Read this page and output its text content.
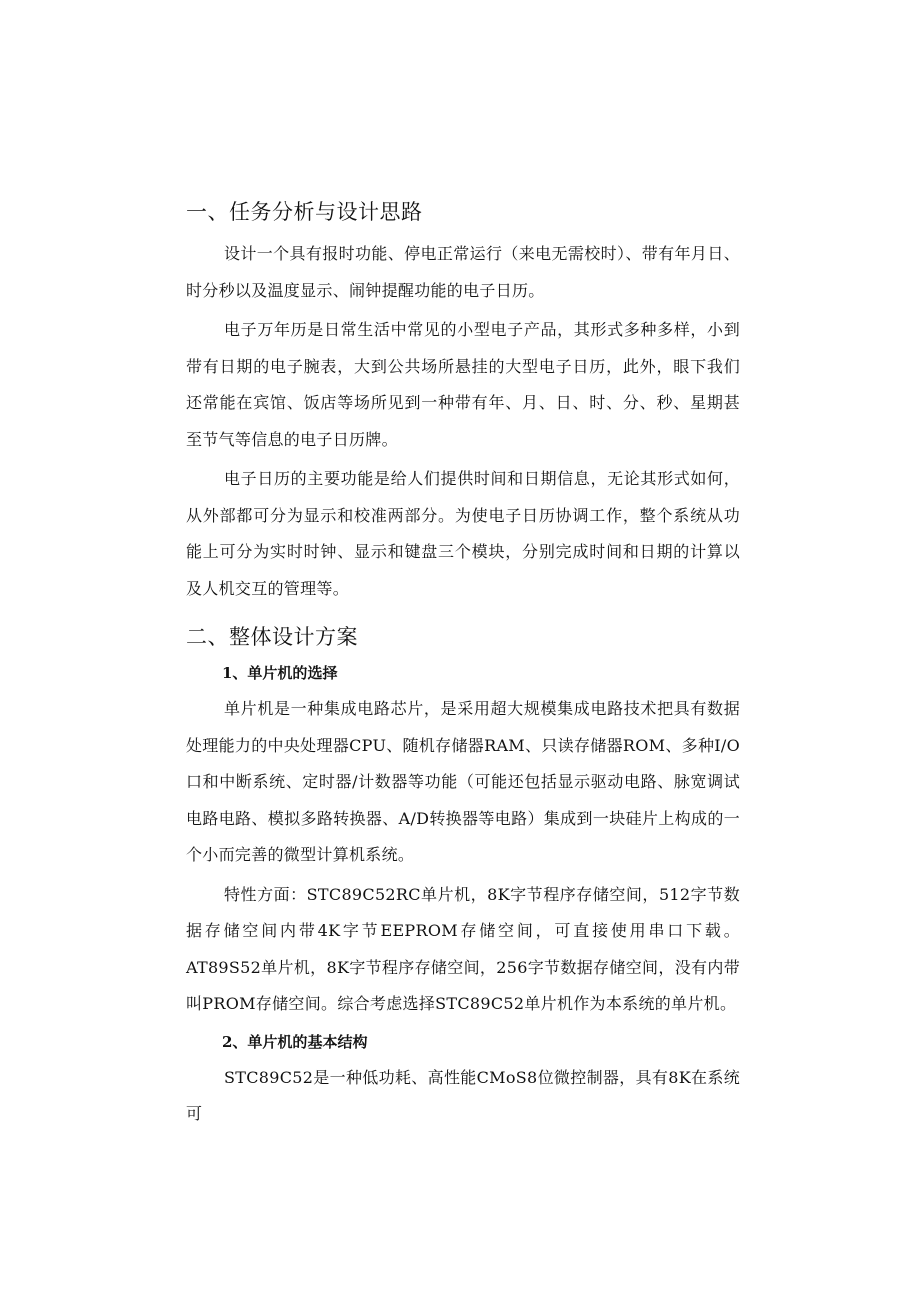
一、任务分析与设计思路

设计一个具有报时功能、停电正常运行（来电无需校时）、带有年月日、时分秒以及温度显示、闹钟提醒功能的电子日历。

电子万年历是日常生活中常见的小型电子产品，其形式多种多样，小到带有日期的电子腕表，大到公共场所悬挂的大型电子日历，此外，眼下我们还常能在宾馆、饭店等场所见到一种带有年、月、日、时、分、秒、星期甚至节气等信息的电子日历牌。

电子日历的主要功能是给人们提供时间和日期信息，无论其形式如何，从外部都可分为显示和校准两部分。为使电子日历协调工作，整个系统从功能上可分为实时时钟、显示和键盘三个模块，分别完成时间和日期的计算以及人机交互的管理等。

二、整体设计方案
1、单片机的选择

单片机是一种集成电路芯片，是采用超大规模集成电路技术把具有数据处理能力的中央处理器CPU、随机存储器RAM、只读存储器ROM、多种I/O口和中断系统、定时器/计数器等功能（可能还包括显示驱动电路、脉宽调试电路电路、模拟多路转换器、A/D转换器等电路）集成到一块硅片上构成的一个小而完善的微型计算机系统。

特性方面：STC89C52RC单片机，8K字节程序存储空间，512字节数据存储空间内带4K字节EEPROM存储空间，可直接使用串口下载。AT89S52单片机，8K字节程序存储空间，256字节数据存储空间，没有内带叫PROM存储空间。综合考虑选择STC89C52单片机作为本系统的单片机。

2、单片机的基本结构

STC89C52是一种低功耗、高性能CMoS8位微控制器，具有8K在系统可
